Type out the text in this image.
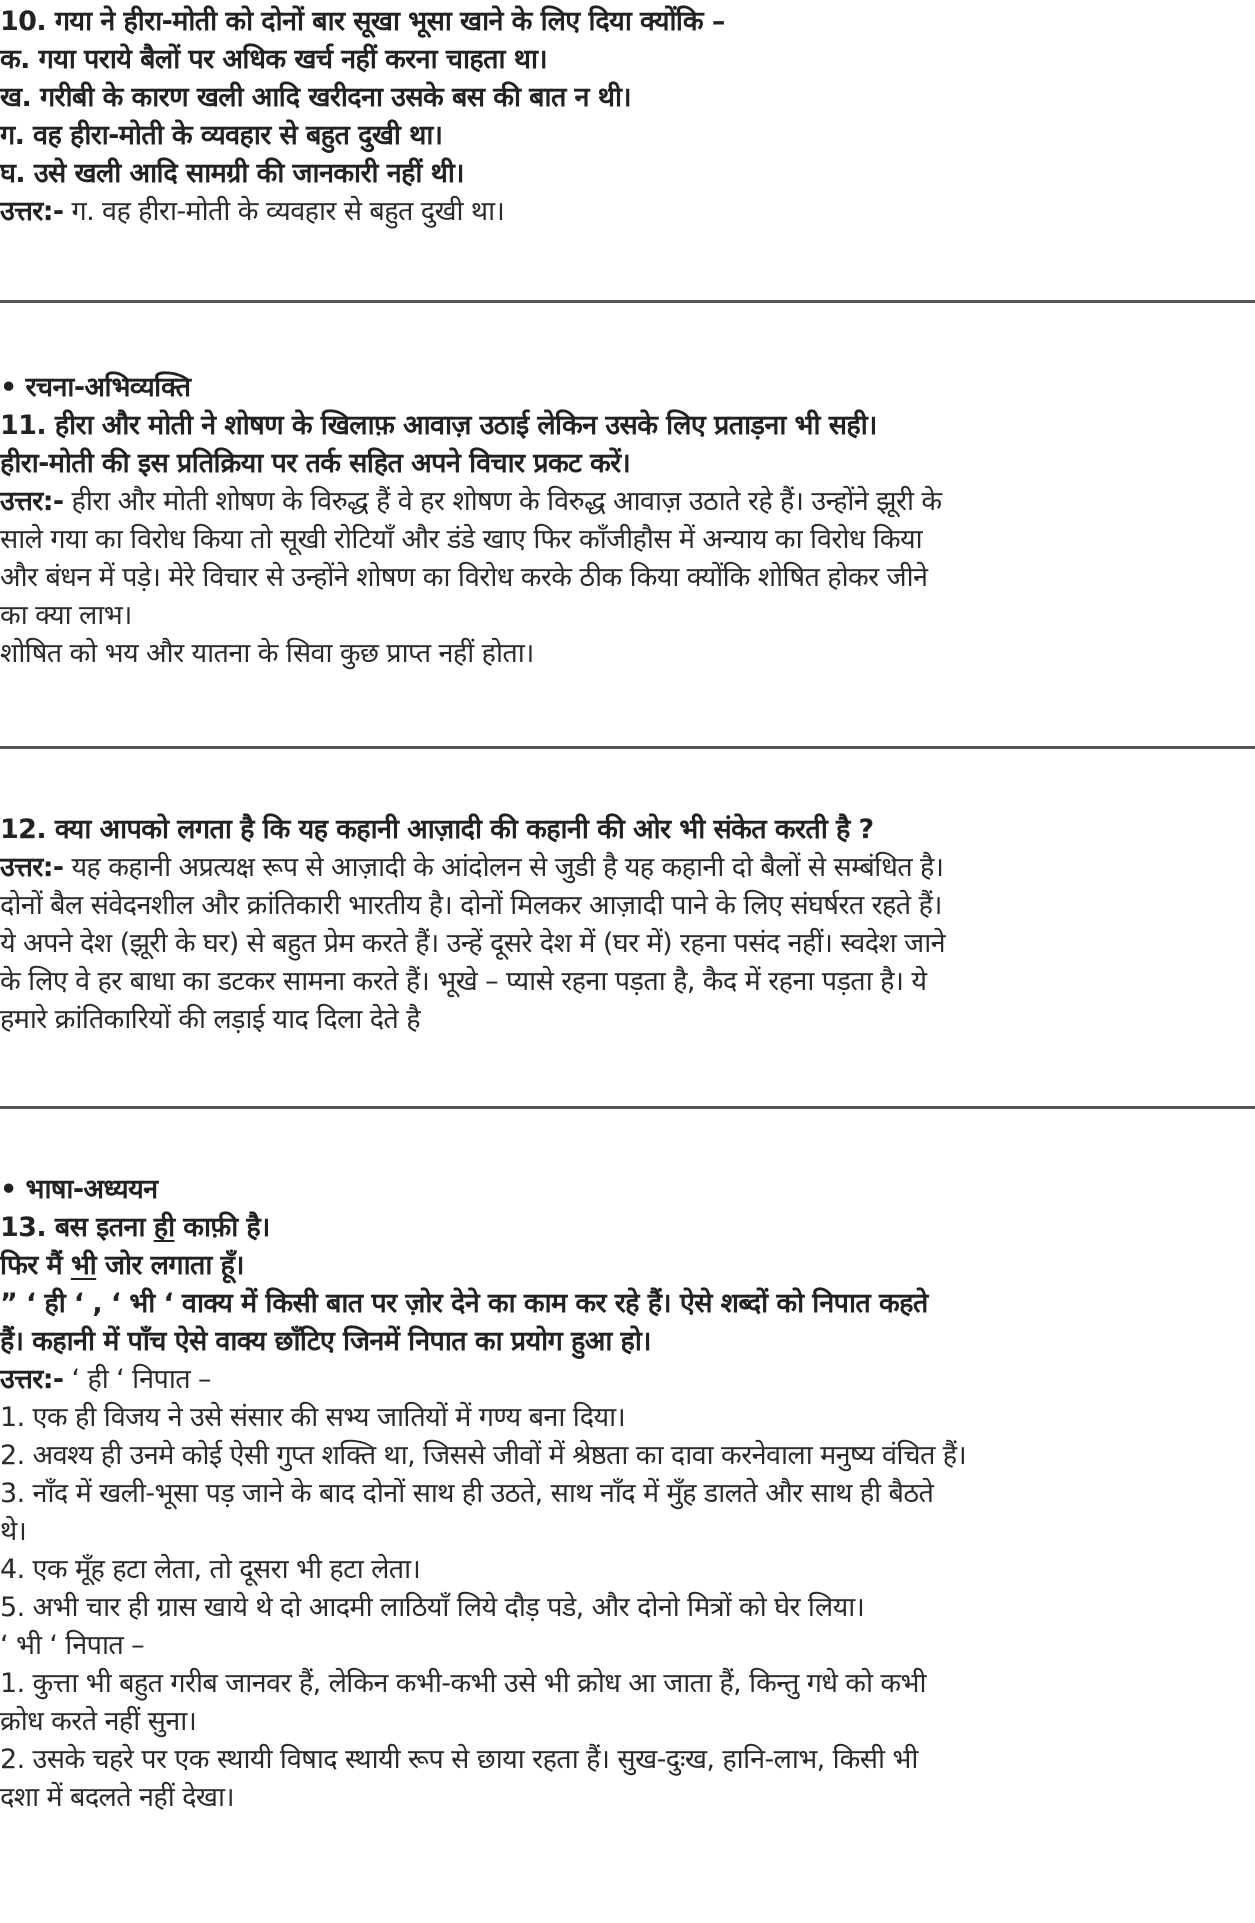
10. गया ने हीरा-मोती को दोनों बार सूखा भूसा खाने के लिए दिया क्योंकि –
क. गया पराये बैलों पर अधिक खर्च नहीं करना चाहता था।
ख. गरीबी के कारण खली आदि खरीदना उसके बस की बात न थी।
ग. वह हीरा-मोती के व्यवहार से बहुत दुखी था।
घ. उसे खली आदि सामग्री की जानकारी नहीं थी।
उत्तर:- ग. वह हीरा-मोती के व्यवहार से बहुत दुखी था।
• रचना-अभिव्यक्ति
11. हीरा और मोती ने शोषण के खिलाफ़ आवाज़ उठाई लेकिन उसके लिए प्रताड़ना भी सही।
हीरा-मोती की इस प्रतिक्रिया पर तर्क सहित अपने विचार प्रकट करें।
उत्तर:- हीरा और मोती शोषण के विरुद्ध हैं वे हर शोषण के विरुद्ध आवाज़ उठाते रहे हैं। उन्होंने झूरी के
साले गया का विरोध किया तो सूखी रोटियाँ और डंडे खाए फिर काँजीहौस में अन्याय का विरोध किया
और बंधन में पड़े। मेरे विचार से उन्होंने शोषण का विरोध करके ठीक किया क्योंकि शोषित होकर जीने
का क्या लाभ।
शोषित को भय और यातना के सिवा कुछ प्राप्त नहीं होता।
12. क्या आपको लगता है कि यह कहानी आज़ादी की कहानी की ओर भी संकेत करती है ?
उत्तर:- यह कहानी अप्रत्यक्ष रूप से आज़ादी के आंदोलन से जुडी है यह कहानी दो बैलों से सम्बंधित है।
दोनों बैल संवेदनशील और क्रांतिकारी भारतीय है। दोनों मिलकर आज़ादी पाने के लिए संघर्षरत रहते हैं।
ये अपने देश (झूरी के घर) से बहुत प्रेम करते हैं। उन्हें दूसरे देश में (घर में) रहना पसंद नहीं। स्वदेश जाने
के लिए वे हर बाधा का डटकर सामना करते हैं। भूखे – प्यासे रहना पड़ता है, कैद में रहना पड़ता है। ये
हमारे क्रांतिकारियों की लड़ाई याद दिला देते है
• भाषा-अध्ययन
13. बस इतना ही काफ़ी है।
फिर मैं भी जोर लगाता हूँ।
” ‘ ही ‘ , ‘ भी ‘ वाक्य में किसी बात पर ज़ोर देने का काम कर रहे हैं। ऐसे शब्दों को निपात कहते
हैं। कहानी में पाँच ऐसे वाक्य छाँटिए जिनमें निपात का प्रयोग हुआ हो।
उत्तर:- ‘ ही ‘ निपात –
1. एक ही विजय ने उसे संसार की सभ्य जातियों में गण्य बना दिया।
2. अवश्य ही उनमे कोई ऐसी गुप्त शक्ति था, जिससे जीवों में श्रेष्ठता का दावा करनेवाला मनुष्य वंचित हैं।
3. नाँद में खली-भूसा पड़ जाने के बाद दोनों साथ ही उठते, साथ नाँद में मुँह डालते और साथ ही बैठते
थे।
4. एक मूँह हटा लेता, तो दूसरा भी हटा लेता।
5. अभी चार ही ग्रास खाये थे दो आदमी लाठियाँ लिये दौड़ पडे, और दोनो मित्रों को घेर लिया।
‘ भी ‘ निपात –
1. कुत्ता भी बहुत गरीब जानवर हैं, लेकिन कभी-कभी उसे भी क्रोध आ जाता हैं, किन्तु गधे को कभी
क्रोध करते नहीं सुना।
2. उसके चहरे पर एक स्थायी विषाद स्थायी रूप से छाया रहता हैं। सुख-दुःख, हानि-लाभ, किसी भी
दशा में बदलते नहीं देखा।
